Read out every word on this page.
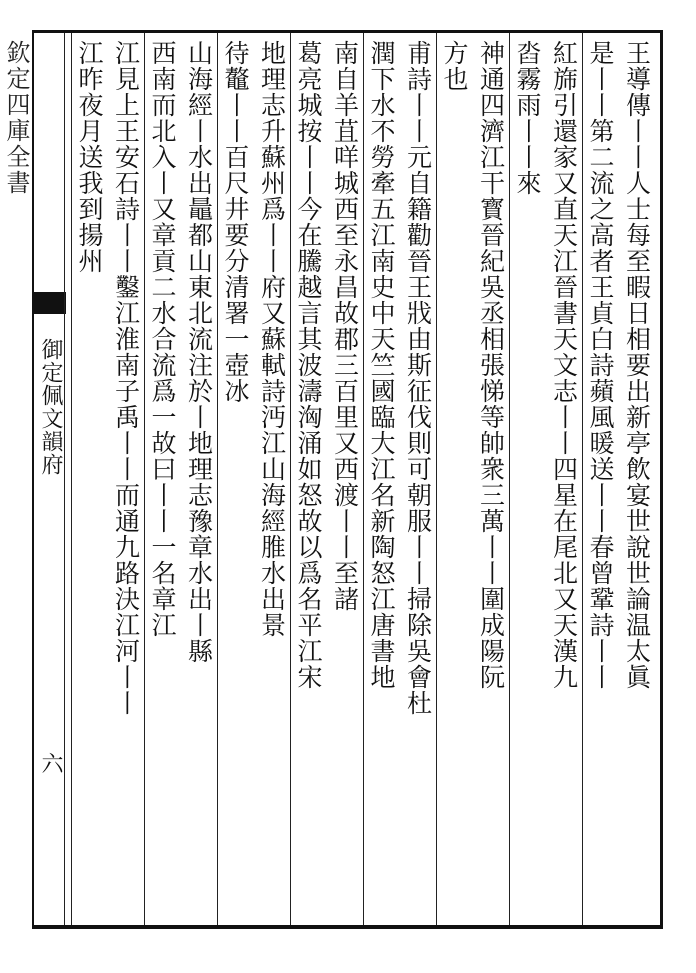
欽定四庫全書
御定佩文韻府
六
王導傳丨丨人士每至暇日相要出新亭飲宴世說世論温太眞
是丨丨第二流之高者王貞白詩蘋風暖送丨丨春曾鞏詩丨丨
紅旆引還家又直天江晉書天文志丨丨四星在尾北又天漢九
㳫霧雨丨丨來
神通四濟江干寳晉紀吳丞相張悌等帥衆三萬丨丨圍成陽阮
方也
甫詩丨丨元自籍勸晉王戕由斯征伐則可朝服丨丨掃除吳會杜
潤下水不勞牽五江南史中天竺國臨大江名新陶怒江唐書地
南自羊苴咩城西至永昌故郡三百里又西渡丨丨至諸
葛亮城按丨丨今在騰越言其波濤洶涌如怒故以爲名平江宋
地理志升蘇州爲丨丨府又蘇軾詩沔江山海經脽水出景
待鼇丨丨百尺井要分清署一壺冰
山海經丨水出鼂都山東北流注於丨地理志豫章水出丨縣
西南而北入丨又章貢二水合流爲一故曰丨丨一名章江
江見上王安石詩丨丨鑿江淮南子禹丨丨而通九路決江河丨丨
江昨夜月送我到揚州
